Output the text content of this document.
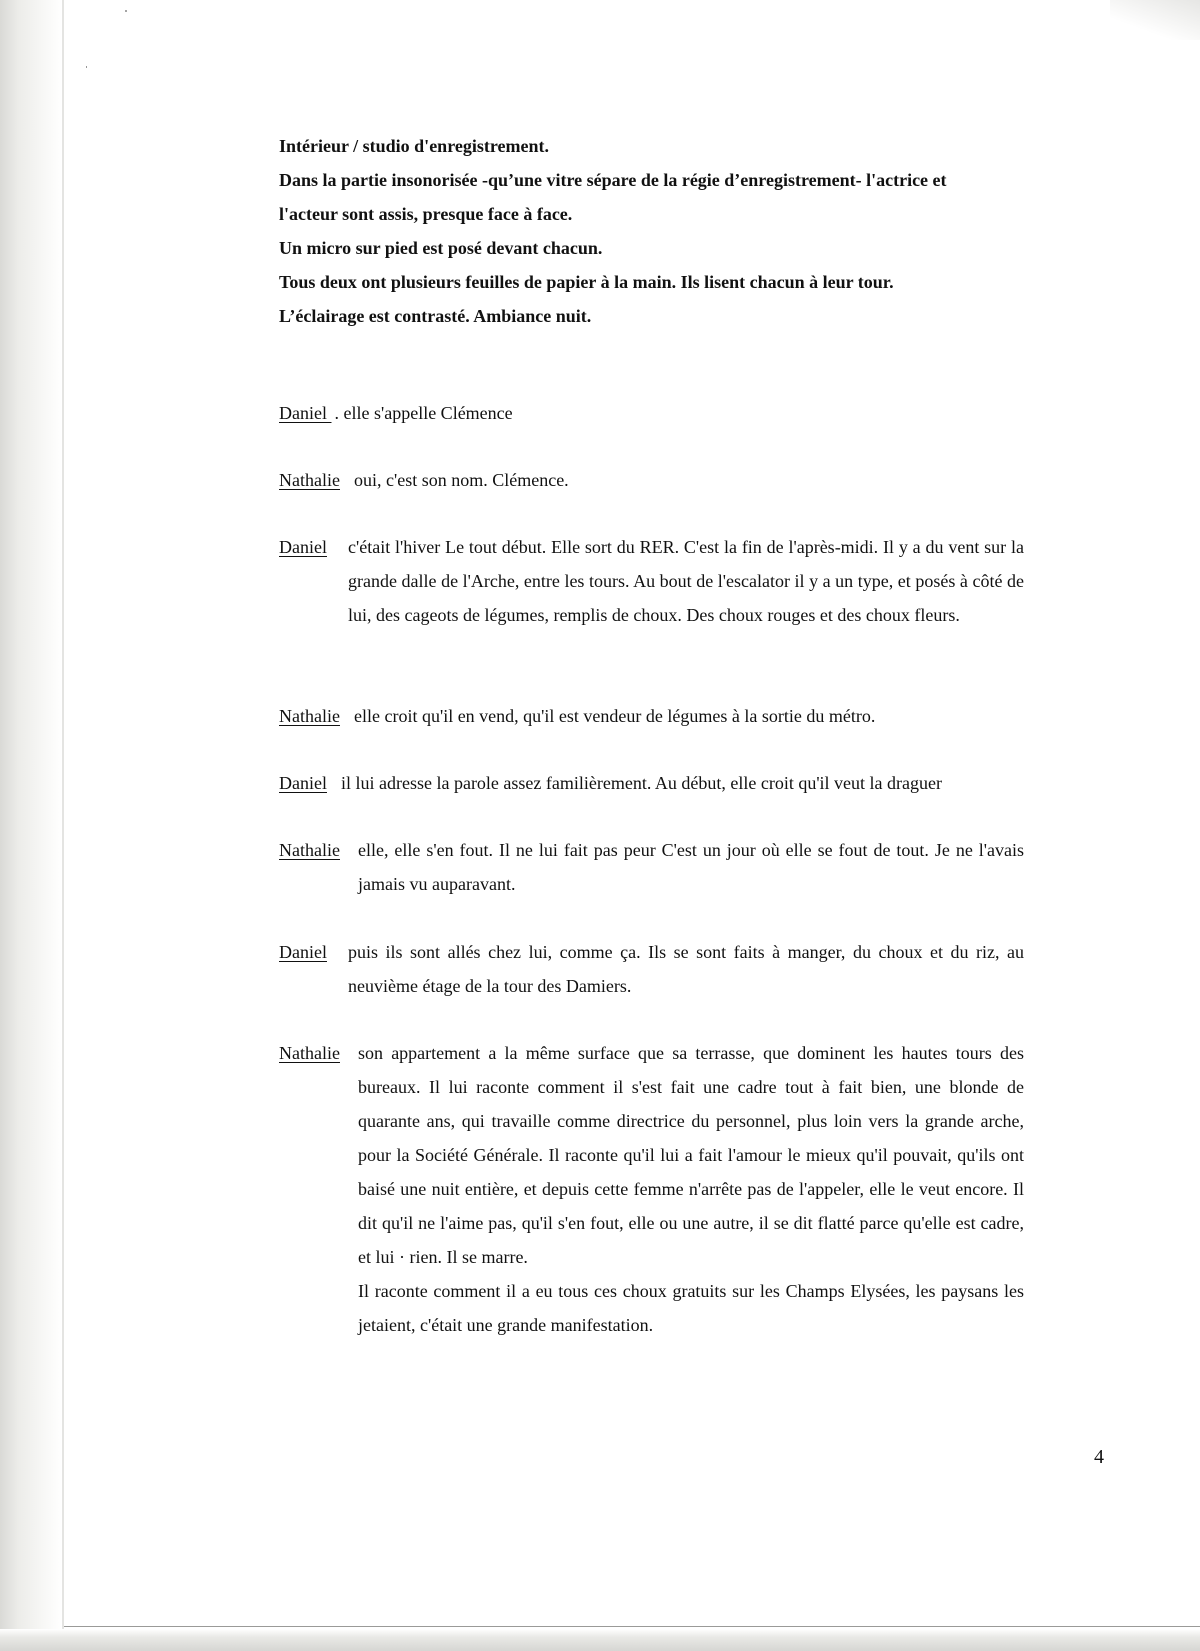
Intérieur / studio d'enregistrement.
Dans la partie insonorisée -qu’une vitre sépare de la régie d’enregistrement- l'actrice et
l'acteur sont assis, presque face à face.
Un micro sur pied est posé devant chacun.
Tous deux ont plusieurs feuilles de papier à la main. Ils lisent chacun à leur tour.
L’éclairage est contrasté. Ambiance nuit.
Daniel . elle s'appelle Clémence
Nathalie oui, c'est son nom. Clémence.
Daniel c'était l'hiver Le tout début. Elle sort du RER. C'est la fin de l'après-midi. Il y a du vent sur la grande dalle de l'Arche, entre les tours. Au bout de l'escalator il y a un type, et posés à côté de lui, des cageots de légumes, remplis de choux. Des choux rouges et des choux fleurs.
Nathalie elle croit qu'il en vend, qu'il est vendeur de légumes à la sortie du métro.
Daniel il lui adresse la parole assez familièrement. Au début, elle croit qu'il veut la draguer
Nathalie elle, elle s'en fout. Il ne lui fait pas peur C'est un jour où elle se fout de tout. Je ne l'avais jamais vu auparavant.
Daniel puis ils sont allés chez lui, comme ça. Ils se sont faits à manger, du choux et du riz, au neuvième étage de la tour des Damiers.
Nathalie son appartement a la même surface que sa terrasse, que dominent les hautes tours des bureaux. Il lui raconte comment il s'est fait une cadre tout à fait bien, une blonde de quarante ans, qui travaille comme directrice du personnel, plus loin vers la grande arche, pour la Société Générale. Il raconte qu'il lui a fait l'amour le mieux qu'il pouvait, qu'ils ont baisé une nuit entière, et depuis cette femme n'arrête pas de l'appeler, elle le veut encore. Il dit qu'il ne l'aime pas, qu'il s'en fout, elle ou une autre, il se dit flatté parce qu'elle est cadre, et lui · rien. Il se marre.
Il raconte comment il a eu tous ces choux gratuits sur les Champs Elysées, les paysans les jetaient, c'était une grande manifestation.
4
